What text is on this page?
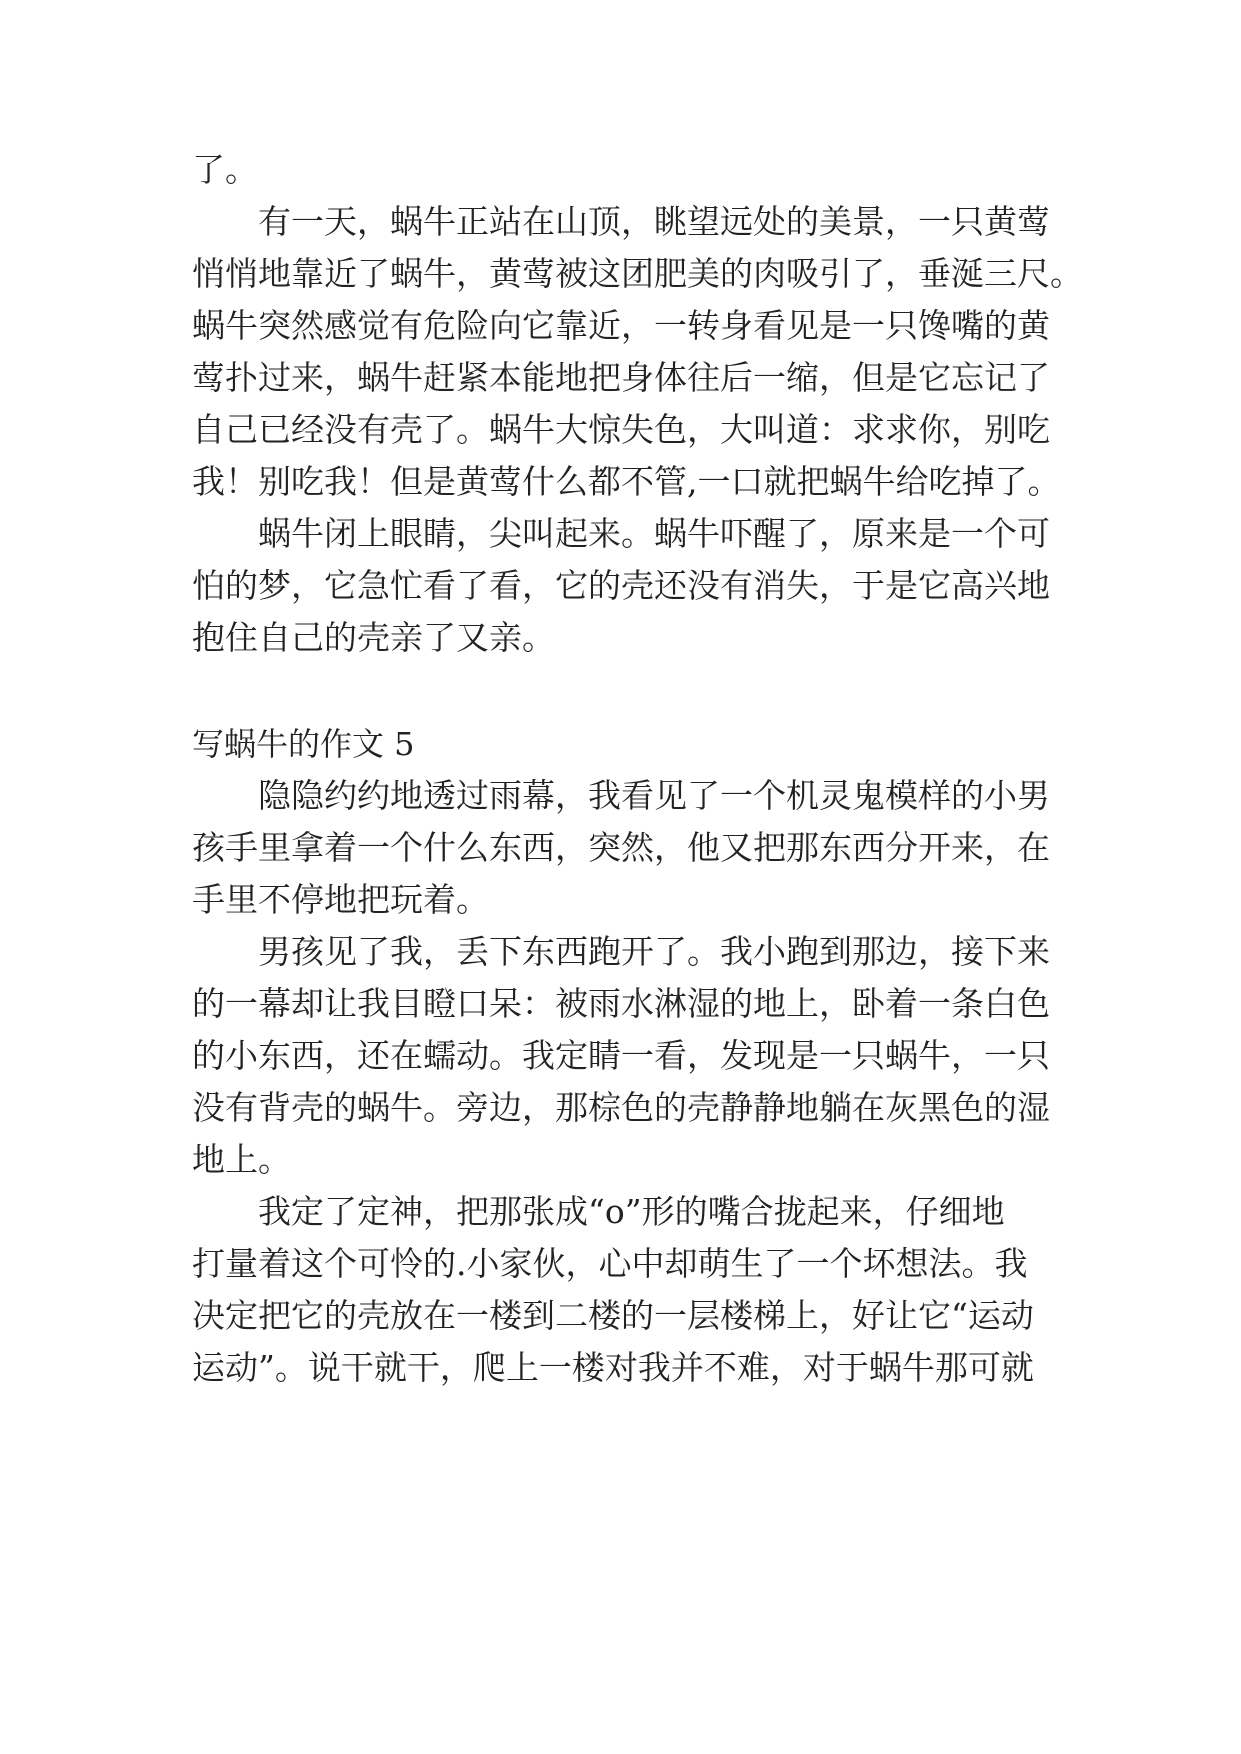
了。

有一天，蜗牛正站在山顶，眺望远处的美景，一只黄莺

悄悄地靠近了蜗牛，黄莺被这团肥美的肉吸引了，垂涎三尺。

蜗牛突然感觉有危险向它靠近，一转身看见是一只馋嘴的黄

莺扑过来，蜗牛赶紧本能地把身体往后一缩，但是它忘记了

自己已经没有壳了。蜗牛大惊失色，大叫道：求求你，别吃

我！别吃我！但是黄莺什么都不管,一口就把蜗牛给吃掉了。

蜗牛闭上眼睛，尖叫起来。蜗牛吓醒了，原来是一个可

怕的梦，它急忙看了看，它的壳还没有消失，于是它高兴地

抱住自己的壳亲了又亲。

写蜗牛的作文 5

隐隐约约地透过雨幕，我看见了一个机灵鬼模样的小男

孩手里拿着一个什么东西，突然，他又把那东西分开来，在

手里不停地把玩着。

男孩见了我，丢下东西跑开了。我小跑到那边，接下来

的一幕却让我目瞪口呆：被雨水淋湿的地上，卧着一条白色

的小东西，还在蠕动。我定睛一看，发现是一只蜗牛，一只

没有背壳的蜗牛。旁边，那棕色的壳静静地躺在灰黑色的湿

地上。

我定了定神，把那张成“o”形的嘴合拢起来，仔细地

打量着这个可怜的.小家伙，心中却萌生了一个坏想法。我

决定把它的壳放在一楼到二楼的一层楼梯上，好让它“运动

运动”。说干就干，爬上一楼对我并不难，对于蜗牛那可就
